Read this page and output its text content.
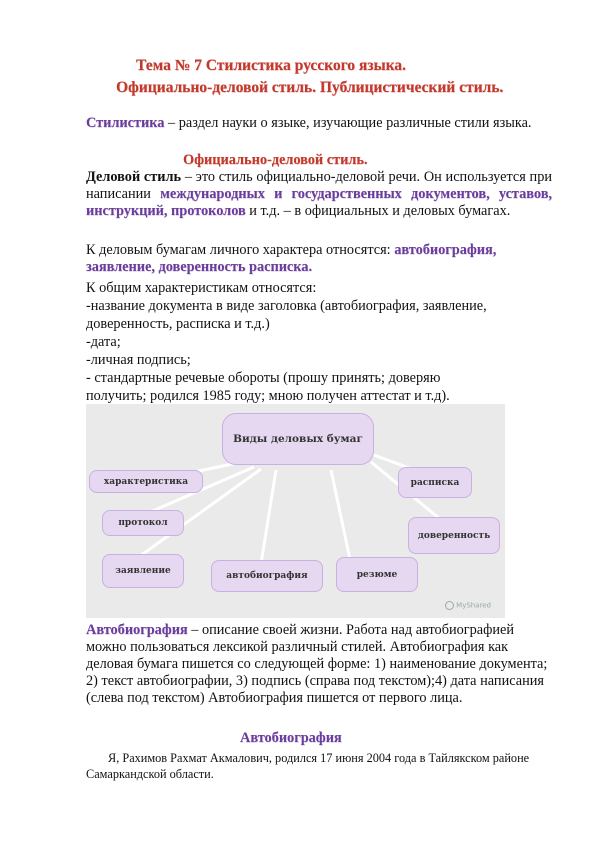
Тема № 7 Стилистика русского языка.
Официально-деловой стиль. Публицистический стиль.
Стилистика – раздел науки о языке, изучающие различные стили языка.
Официально-деловой стиль.
Деловой стиль – это стиль официально-деловой речи. Он используется при написании международных и государственных документов, уставов, инструкций, протоколов и т.д. – в официальных и деловых бумагах.
К деловым бумагам личного характера относятся: автобиография, заявление, доверенность расписка.
К общим характеристикам относятся:
-название документа в виде заголовка (автобиография, заявление,
доверенность, расписка и т.д.)
-дата;
-личная подпись;
- стандартные речевые обороты (прошу принять; доверяю
получить; родился 1985 году; мною получен аттестат и т.д).
Виды деловых бумаг
характеристика
протокол
заявление	автобиография	резюме
расписка
доверенность
MyShared
Автобиография – описание своей жизни. Работа над автобиографией можно пользоваться лексикой различный стилей. Автобиография как деловая бумага пишется со следующей форме: 1) наименование документа; 2) текст автобиографии, 3) подпись (справа под текстом);4) дата написания (слева под текстом) Автобиография пишется от первого лица.
Автобиография
Я, Рахимов Рахмат Акмалович, родился 17 июня 2004 года в Тайлякском районе Самаркандской области.
